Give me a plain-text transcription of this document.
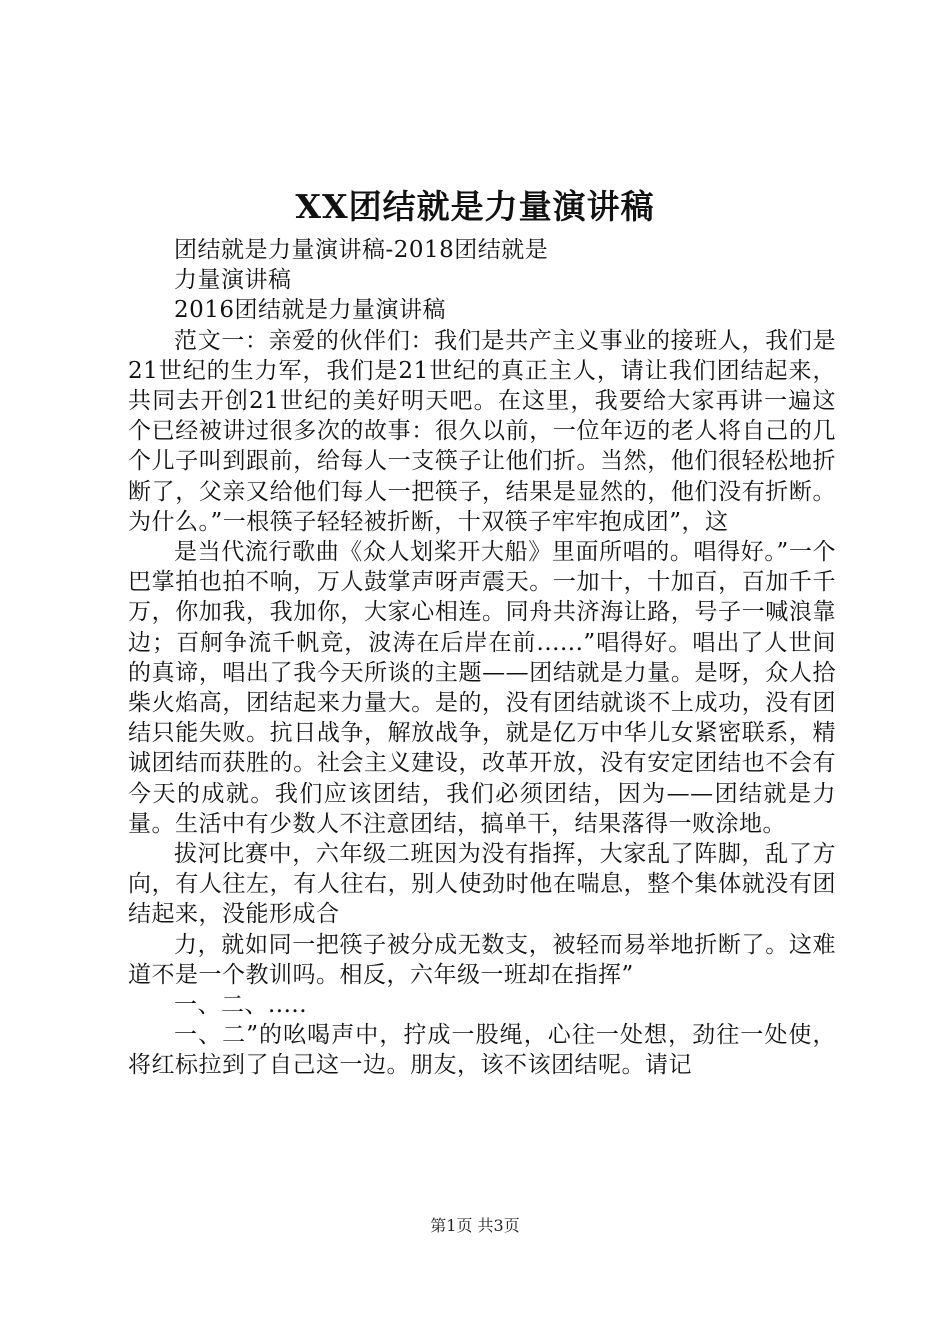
XX团结就是力量演讲稿

团结就是力量演讲稿-2018团结就是

力量演讲稿

2016团结就是力量演讲稿

范文一：亲爱的伙伴们：我们是共产主义事业的接班人，我们是21世纪的生力军，我们是21世纪的真正主人，请让我们团结起来，共同去开创21世纪的美好明天吧。在这里，我要给大家再讲一遍这个已经被讲过很多次的故事：很久以前，一位年迈的老人将自己的几个儿子叫到跟前，给每人一支筷子让他们折。当然，他们很轻松地折断了，父亲又给他们每人一把筷子，结果是显然的，他们没有折断。为什么。”一根筷子轻轻被折断，十双筷子牢牢抱成团”，这

是当代流行歌曲《众人划桨开大船》里面所唱的。唱得好。”一个巴掌拍也拍不响，万人鼓掌声呀声震天。一加十，十加百，百加千千万，你加我，我加你，大家心相连。同舟共济海让路，号子一喊浪靠边；百舸争流千帆竞，波涛在后岸在前......”唱得好。唱出了人世间的真谛，唱出了我今天所谈的主题——团结就是力量。是呀，众人拾柴火焰高，团结起来力量大。是的，没有团结就谈不上成功，没有团结只能失败。抗日战争，解放战争，就是亿万中华儿女紧密联系，精诚团结而获胜的。社会主义建设，改革开放，没有安定团结也不会有今天的成就。我们应该团结，我们必须团结，因为——团结就是力量。生活中有少数人不注意团结，搞单干，结果落得一败涂地。

拔河比赛中，六年级二班因为没有指挥，大家乱了阵脚，乱了方向，有人往左，有人往右，别人使劲时他在喘息，整个集体就没有团结起来，没能形成合

力，就如同一把筷子被分成无数支，被轻而易举地折断了。这难道不是一个教训吗。相反，六年级一班却在指挥”

一、二、.....

一、二”的吆喝声中，拧成一股绳，心往一处想，劲往一处使，将红标拉到了自己这一边。朋友，该不该团结呢。请记

第1页 共3页
